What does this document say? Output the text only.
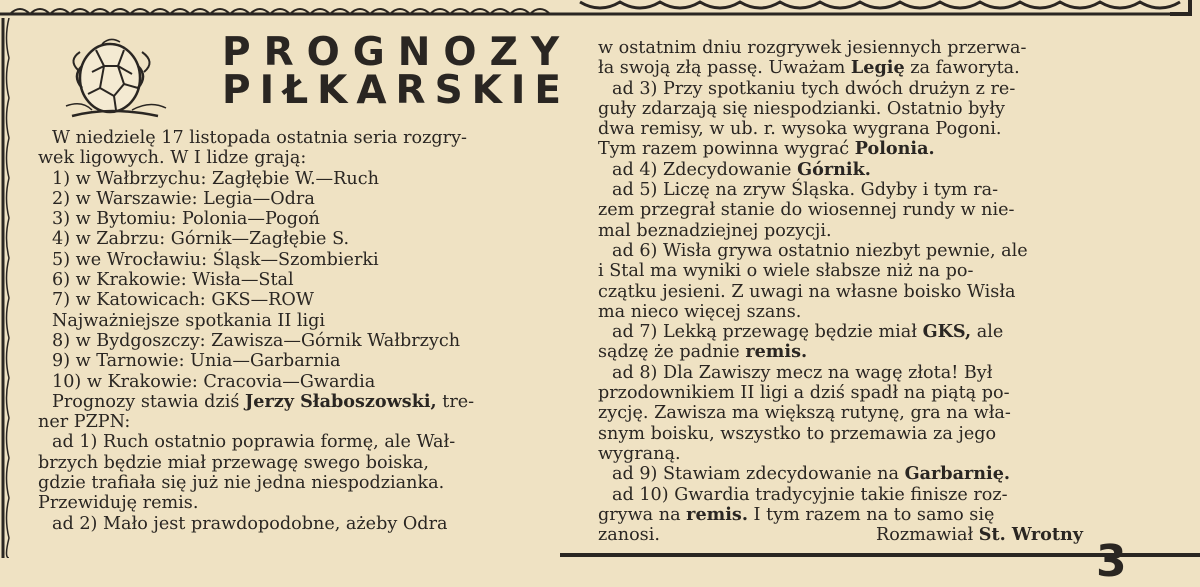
PROGNOZY
PIŁKARSKIE

W niedzielę 17 listopada ostatnia seria rozgry-

wek ligowych. W I lidze grają:

1) w Wałbrzychu: Zagłębie W.—Ruch

2) w Warszawie: Legia—Odra

3) w Bytomiu: Polonia—Pogoń

4) w Zabrzu: Górnik—Zagłębie S.

5) we Wrocławiu: Śląsk—Szombierki

6) w Krakowie: Wisła—Stal

7) w Katowicach: GKS—ROW

Najważniejsze spotkania II ligi

8) w Bydgoszczy: Zawisza—Górnik Wałbrzych

9) w Tarnowie: Unia—Garbarnia

10) w Krakowie: Cracovia—Gwardia

Prognozy stawia dziś Jerzy Słaboszowski, tre-

ner PZPN:

ad 1) Ruch ostatnio poprawia formę, ale Wał-

brzych będzie miał przewagę swego boiska,

gdzie trafiała się już nie jedna niespodzianka.

Przewiduję remis.

ad 2) Mało jest prawdopodobne, ażeby Odra

w ostatnim dniu rozgrywek jesiennych przerwa-

ła swoją złą passę. Uważam Legię za faworyta.

ad 3) Przy spotkaniu tych dwóch drużyn z re-

guły zdarzają się niespodzianki. Ostatnio były

dwa remisy, w ub. r. wysoka wygrana Pogoni.

Tym razem powinna wygrać Polonia.

ad 4) Zdecydowanie Górnik.

ad 5) Liczę na zryw Śląska. Gdyby i tym ra-

zem przegrał stanie do wiosennej rundy w nie-

mal beznadziejnej pozycji.

ad 6) Wisła grywa ostatnio niezbyt pewnie, ale

i Stal ma wyniki o wiele słabsze niż na po-

czątku jesieni. Z uwagi na własne boisko Wisła

ma nieco więcej szans.

ad 7) Lekką przewagę będzie miał GKS, ale

sądzę że padnie remis.

ad 8) Dla Zawiszy mecz na wagę złota! Był

przodownikiem II ligi a dziś spadł na piątą po-

zycję. Zawisza ma większą rutynę, gra na wła-

snym boisku, wszystko to przemawia za jego

wygraną.

ad 9) Stawiam zdecydowanie na Garbarnię.

ad 10) Gwardia tradycyjnie takie finisze roz-

grywa na remis. I tym razem na to samo się

zanosi.	Rozmawiał St. Wrotny

3
